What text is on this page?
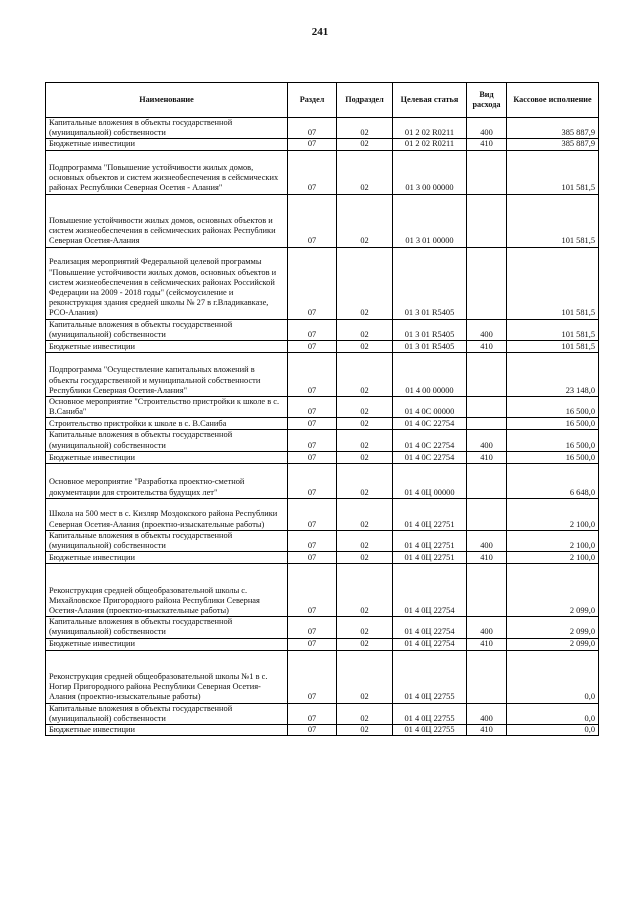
241
Наименование	Раздел	Подраздел	Целевая статья	Вид расхода	Кассовое исполнение
Капитальные вложения в объекты государственной (муниципальной) собственности	07	02	01 2 02 R0211	400	385 887,9
Бюджетные инвестиции	07	02	01 2 02 R0211	410	385 887,9
Подпрограмма "Повышение устойчивости жилых домов, основных объектов и систем жизнеобеспечения в сейсмических районах Республики Северная Осетия - Алания"	07	02	01 3 00 00000		101 581,5
Повышение устойчивости жилых домов, основных объектов и систем жизнеобеспечения в сейсмических районах Республики Северная Осетия-Алания	07	02	01 3 01 00000		101 581,5
Реализация мероприятий Федеральной целевой программы "Повышение устойчивости жилых домов, основных объектов и систем жизнеобеспечения в сейсмических районах Российской Федерации на 2009 - 2018 годы" (сейсмоусиление и реконструкция здания средней школы № 27 в г.Владикавказе, РСО-Алания)	07	02	01 3 01 R5405		101 581,5
Капитальные вложения в объекты государственной (муниципальной) собственности	07	02	01 3 01 R5405	400	101 581,5
Бюджетные инвестиции	07	02	01 3 01 R5405	410	101 581,5
Подпрограмма "Осуществление капитальных вложений в объекты государственной и муниципальной собственности Республики Северная Осетия-Алания"	07	02	01 4 00 00000		23 148,0
Основное мероприятие "Строительство пристройки к школе в с. В.Саниба"	07	02	01 4 0С 00000		16 500,0
Строительство пристройки к школе в с. В.Саниба	07	02	01 4 0С 22754		16 500,0
Капитальные вложения в объекты государственной (муниципальной) собственности	07	02	01 4 0С 22754	400	16 500,0
Бюджетные инвестиции	07	02	01 4 0С 22754	410	16 500,0
Основное мероприятие "Разработка проектно-сметной документации для строительства будущих лет"	07	02	01 4 0Ц 00000		6 648,0
Школа на 500 мест в с. Кизляр Моздокского района Республики Северная Осетия-Алания (проектно-изыскательные работы)	07	02	01 4 0Ц 22751		2 100,0
Капитальные вложения в объекты государственной (муниципальной) собственности	07	02	01 4 0Ц 22751	400	2 100,0
Бюджетные инвестиции	07	02	01 4 0Ц 22751	410	2 100,0
Реконструкция средней общеобразовательной школы с. Михайловское Пригородного района Республики Северная Осетия-Алания (проектно-изыскательные работы)	07	02	01 4 0Ц 22754		2 099,0
Капитальные вложения в объекты государственной (муниципальной) собственности	07	02	01 4 0Ц 22754	400	2 099,0
Бюджетные инвестиции	07	02	01 4 0Ц 22754	410	2 099,0
Реконструкция средней общеобразовательной школы №1 в с. Ногир Пригородного района Республики Северная Осетия-Алания (проектно-изыскательные работы)	07	02	01 4 0Ц 22755		0,0
Капитальные вложения в объекты государственной (муниципальной) собственности	07	02	01 4 0Ц 22755	400	0,0
Бюджетные инвестиции	07	02	01 4 0Ц 22755	410	0,0
